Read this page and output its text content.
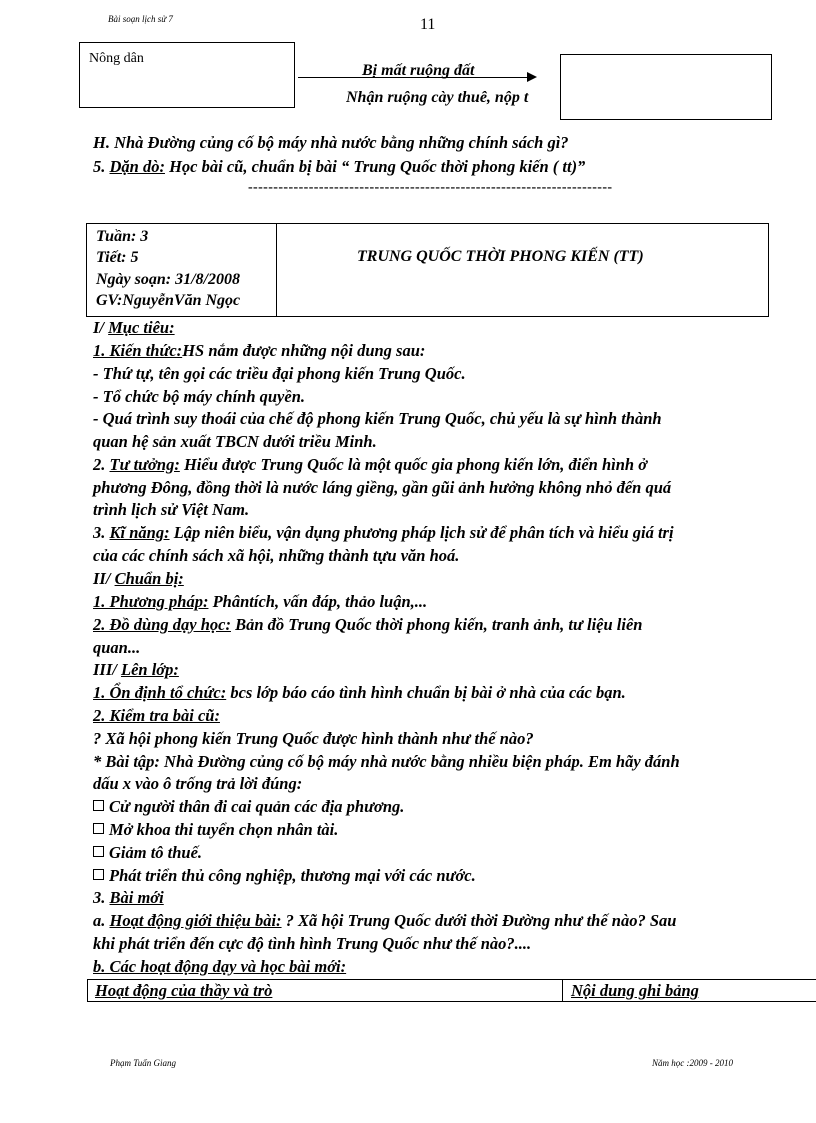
Bài soạn lịch sử 7	11
Nông dân
Bị mất ruộng đất
Nhận ruộng cày thuê, nộp t
H. Nhà Đường củng cố bộ máy nhà nước bằng những chính sách gì?
5. Dặn dò: Học bài cũ, chuẩn bị bài “ Trung Quốc thời phong kiến ( tt)”
------------------------------------------------------------------------
Tuần: 3
Tiết: 5
Ngày soạn: 31/8/2008
GV:NguyễnVăn Ngọc
TRUNG QUỐC THỜI PHONG KIẾN (TT)
I/ Mục tiêu:
1. Kiến thức:HS nắm được những nội dung sau:
- Thứ tự, tên gọi các triều đại phong kiến Trung Quốc.
- Tổ chức bộ máy chính quyền.
- Quá trình suy thoái của chế độ phong kiến Trung Quốc, chủ yếu là sự hình thành
quan hệ sản xuất TBCN dưới triều Minh.
2. Tư tưởng: Hiểu được Trung Quốc là một quốc gia phong kiến lớn, điển hình ở
phương Đông, đồng thời là nước láng giềng, gần gũi ảnh hưởng không nhỏ đến quá
trình lịch sử Việt Nam.
3. Kĩ năng: Lập niên biểu, vận dụng phương pháp lịch sử để phân tích và hiểu giá trị
của các chính sách xã hội, những thành tựu văn hoá.
II/ Chuẩn bị:
1. Phương pháp: Phântích, vấn đáp, thảo luận,...
2. Đồ dùng dạy học: Bản đồ Trung Quốc thời phong kiến, tranh ảnh, tư liệu liên
quan...
III/ Lên lớp:
1. Ổn định tổ chức: bcs lớp báo cáo tình hình chuẩn bị bài ở nhà của các bạn.
2. Kiểm tra bài cũ:
? Xã hội phong kiến Trung Quốc được hình thành như thế nào?
* Bài tập: Nhà Đường củng cố bộ máy nhà nước bằng nhiều biện pháp. Em hãy đánh
dấu x vào ô trống trả lời đúng:
Cử người thân đi cai quản các địa phương.
Mở khoa thi tuyển chọn nhân tài.
Giảm tô thuế.
Phát triển thủ công nghiệp, thương mại với các nước.
3. Bài mới
a. Hoạt động giới thiệu bài: ? Xã hội Trung Quốc dưới thời Đường như thế nào? Sau
khi phát triển đến cực độ tình hình Trung Quốc như thế nào?....
b. Các hoạt động dạy và học bài mới:
Hoạt động của thầy và trò	Nội dung ghi bảng
Phạm Tuấn Giang	Năm học :2009 - 2010
